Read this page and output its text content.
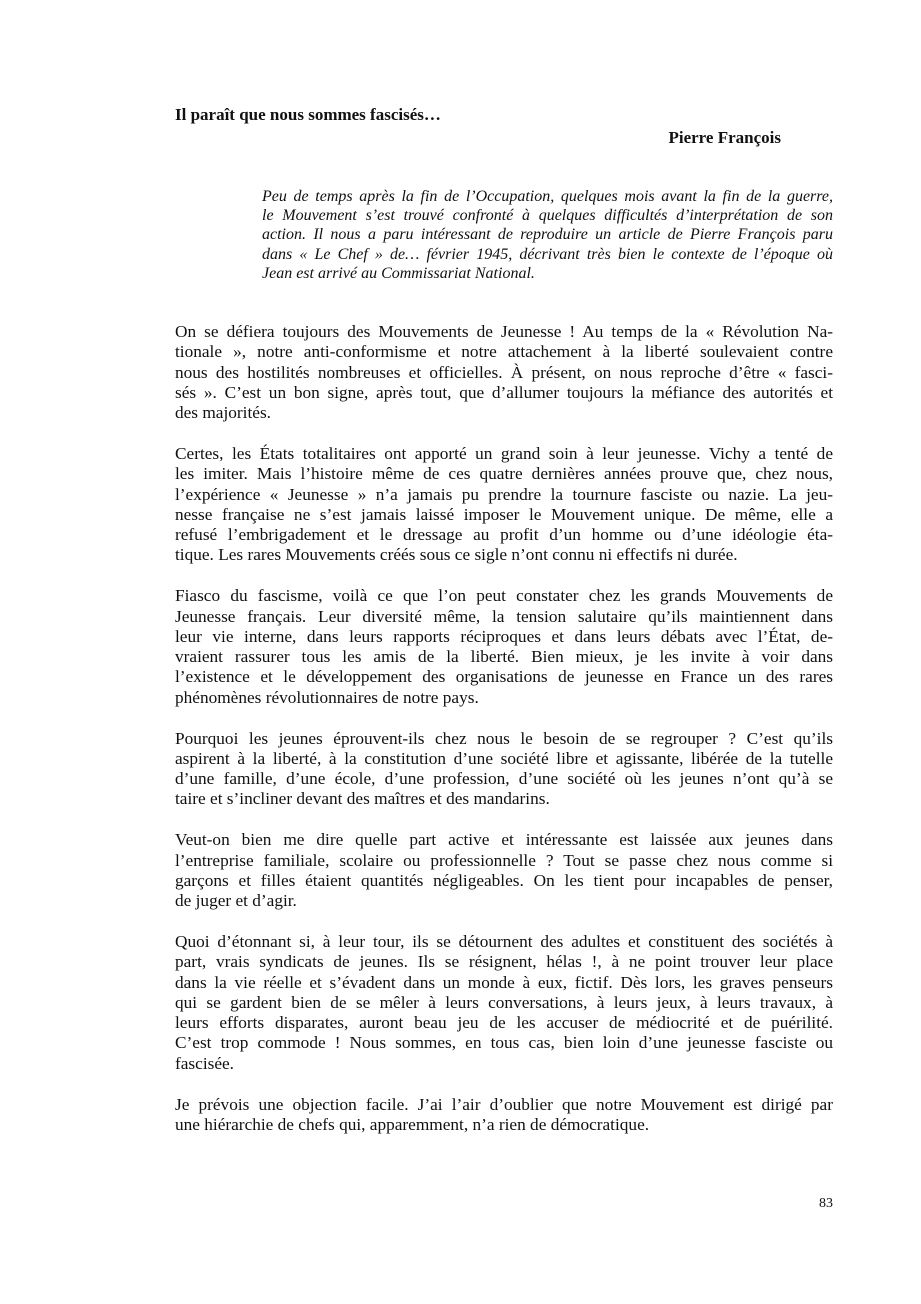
Il paraît que nous sommes fascisés…

Pierre François

Peu de temps après la fin de l’Occupation, quelques mois avant la fin de la guerre,
le Mouvement s’est trouvé confronté à quelques difficultés d’interprétation de son
action. Il nous a paru intéressant de reproduire un article de Pierre François paru
dans « Le Chef » de… février 1945, décrivant très bien le contexte de l’époque où
Jean est arrivé au Commissariat National.

On se défiera toujours des Mouvements de Jeunesse ! Au temps de la « Révolution Na-
tionale », notre anti-conformisme et notre attachement à la liberté soulevaient contre
nous des hostilités nombreuses et officielles. À présent, on nous reproche d’être « fasci-
sés ». C’est un bon signe, après tout, que d’allumer toujours la méfiance des autorités et
des majorités.

Certes, les États totalitaires ont apporté un grand soin à leur jeunesse. Vichy a tenté de
les imiter. Mais l’histoire même de ces quatre dernières années prouve que, chez nous,
l’expérience « Jeunesse » n’a jamais pu prendre la tournure fasciste ou nazie. La jeu-
nesse française ne s’est jamais laissé imposer le Mouvement unique. De même, elle a
refusé l’embrigadement et le dressage au profit d’un homme ou d’une idéologie éta-
tique. Les rares Mouvements créés sous ce sigle n’ont connu ni effectifs ni durée.

Fiasco du fascisme, voilà ce que l’on peut constater chez les grands Mouvements de
Jeunesse français. Leur diversité même, la tension salutaire qu’ils maintiennent dans
leur vie interne, dans leurs rapports réciproques et dans leurs débats avec l’État, de-
vraient rassurer tous les amis de la liberté. Bien mieux, je les invite à voir dans
l’existence et le développement des organisations de jeunesse en France un des rares
phénomènes révolutionnaires de notre pays.

Pourquoi les jeunes éprouvent-ils chez nous le besoin de se regrouper ? C’est qu’ils
aspirent à la liberté, à la constitution d’une société libre et agissante, libérée de la tutelle
d’une famille, d’une école, d’une profession, d’une société où les jeunes n’ont qu’à se
taire et s’incliner devant des maîtres et des mandarins.

Veut-on bien me dire quelle part active et intéressante est laissée aux jeunes dans
l’entreprise familiale, scolaire ou professionnelle ? Tout se passe chez nous comme si
garçons et filles étaient quantités négligeables. On les tient pour incapables de penser,
de juger et d’agir.

Quoi d’étonnant si, à leur tour, ils se détournent des adultes et constituent des sociétés à
part, vrais syndicats de jeunes. Ils se résignent, hélas !, à ne point trouver leur place
dans la vie réelle et s’évadent dans un monde à eux, fictif. Dès lors, les graves penseurs
qui se gardent bien de se mêler à leurs conversations, à leurs jeux, à leurs travaux, à
leurs efforts disparates, auront beau jeu de les accuser de médiocrité et de puérilité.
C’est trop commode ! Nous sommes, en tous cas, bien loin d’une jeunesse fasciste ou
fascisée.

Je prévois une objection facile. J’ai l’air d’oublier que notre Mouvement est dirigé par
une hiérarchie de chefs qui, apparemment, n’a rien de démocratique.

83
